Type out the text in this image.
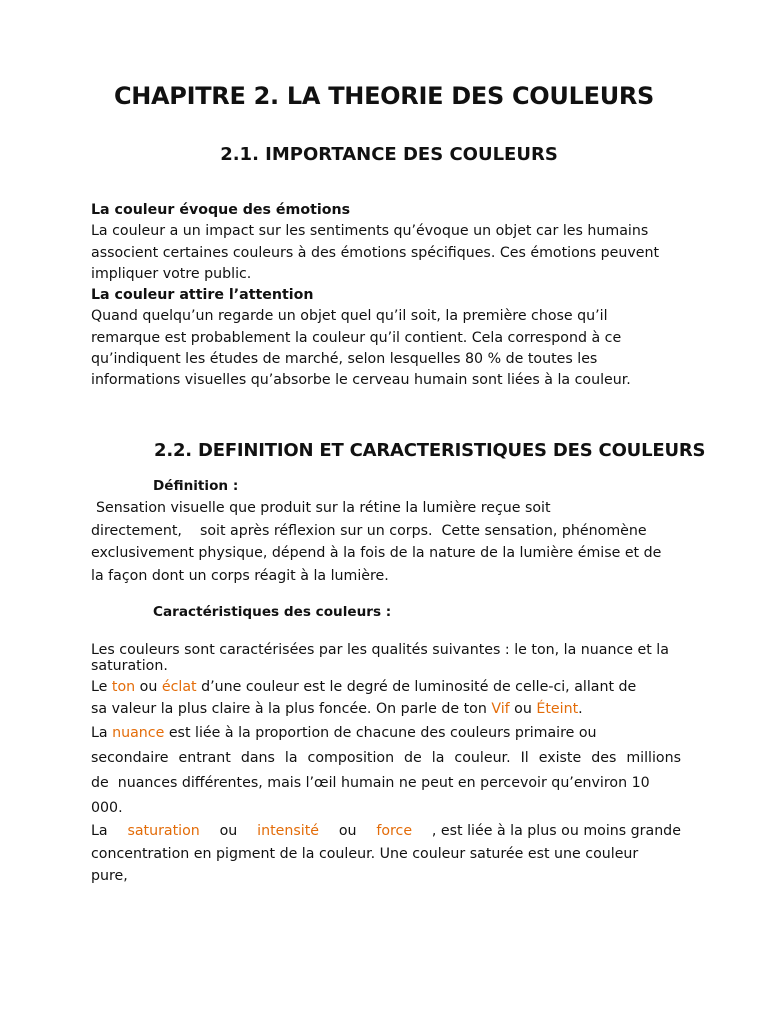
CHAPITRE 2. LA THEORIE DES COULEURS
2.1. IMPORTANCE DES COULEURS
La couleur évoque des émotions
La couleur a un impact sur les sentiments qu’évoque un objet car les humains
associent certaines couleurs à des émotions spécifiques. Ces émotions peuvent
impliquer votre public.
La couleur attire l’attention
Quand quelqu’un regarde un objet quel qu’il soit, la première chose qu’il
remarque est probablement la couleur qu’il contient. Cela correspond à ce
qu’indiquent les études de marché, selon lesquelles 80 % de toutes les
informations visuelles qu’absorbe le cerveau humain sont liées à la couleur.
2.2. DEFINITION ET CARACTERISTIQUES DES COULEURS
Définition :
Sensation visuelle que produit sur la rétine la lumière reçue soit
directement,    soit après réflexion sur un corps.  Cette sensation, phénomène
exclusivement physique, dépend à la fois de la nature de la lumière émise et de
la façon dont un corps réagit à la lumière.
Caractéristiques des couleurs :
Les couleurs sont caractérisées par les qualités suivantes : le ton, la nuance et la
saturation.
Le ton ou éclat d’une couleur est le degré de luminosité de celle-ci, allant de
sa valeur la plus claire à la plus foncée. On parle de ton Vif ou Éteint.
La nuance est liée à la proportion de chacune des couleurs primaire ou
secondaire entrant dans la composition de la couleur. Il existe des millions
de  nuances différentes, mais l’œil humain ne peut en percevoir qu’environ 10
000.
La saturation ou intensité ou force , est liée à la plus ou moins grande
concentration en pigment de la couleur. Une couleur saturée est une couleur
pure,
